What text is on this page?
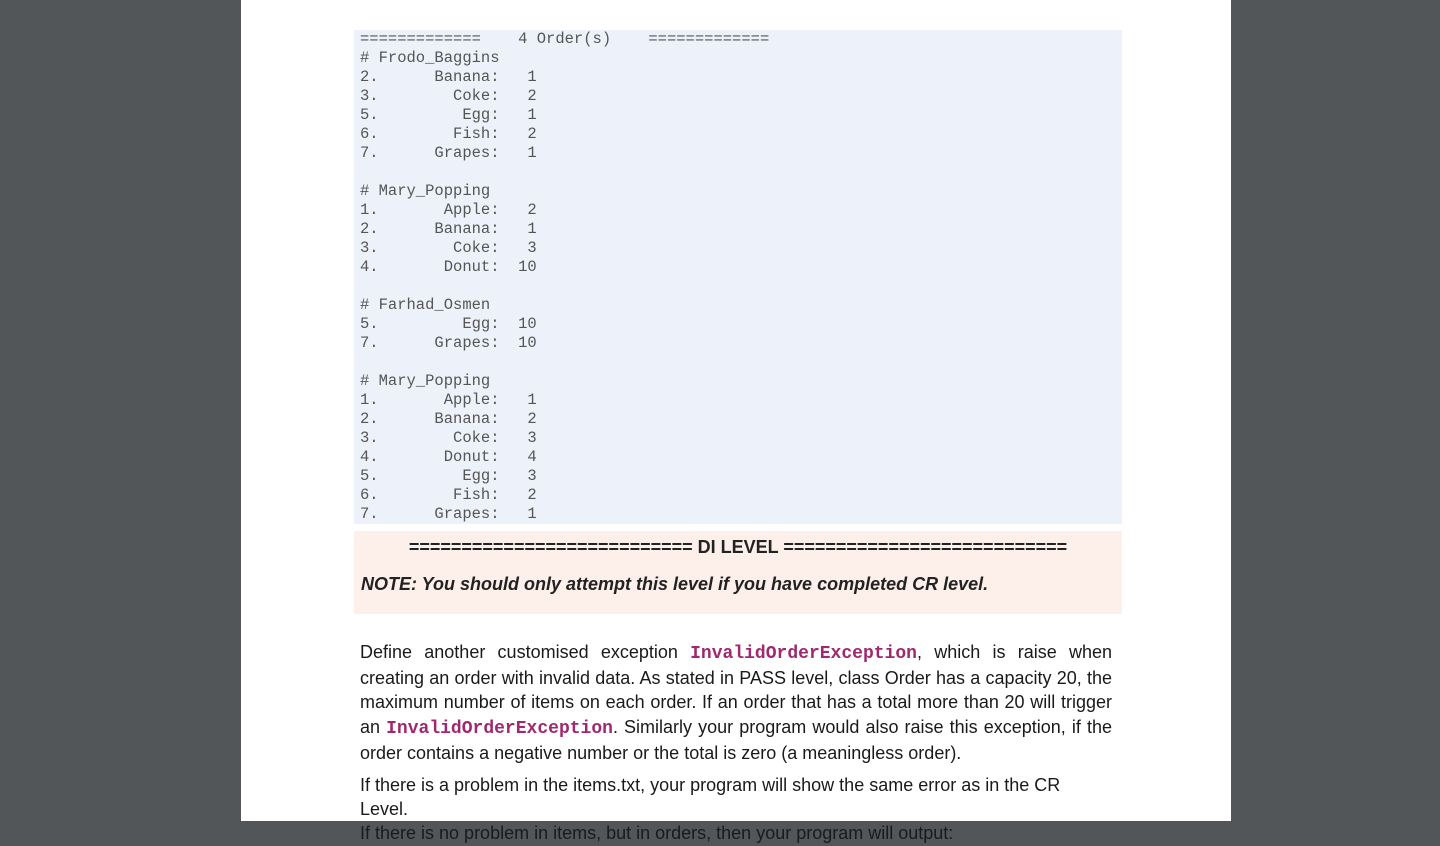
=============    4 Order(s)    =============
# Frodo_Baggins
2.      Banana:   1
3.        Coke:   2
5.         Egg:   1
6.        Fish:   2
7.      Grapes:   1

# Mary_Popping
1.       Apple:   2
2.      Banana:   1
3.        Coke:   3
4.       Donut:  10

# Farhad_Osmen
5.         Egg:  10
7.      Grapes:  10

# Mary_Popping
1.       Apple:   1
2.      Banana:   2
3.        Coke:   3
4.       Donut:   4
5.         Egg:   3
6.        Fish:   2
7.      Grapes:   1
=========================== DI LEVEL ===========================
NOTE: You should only attempt this level if you have completed CR level.

Define another customised exception InvalidOrderException, which is raise when creating an order with invalid data. As stated in PASS level, class Order has a capacity 20, the maximum number of items on each order. If an order that has a total more than 20 will trigger an InvalidOrderException. Similarly your program would also raise this exception, if the order contains a negative number or the total is zero (a meaningless order).

If there is a problem in the items.txt, your program will show the same error as in the CR Level.
If there is no problem in items, but in orders, then your program will output:
